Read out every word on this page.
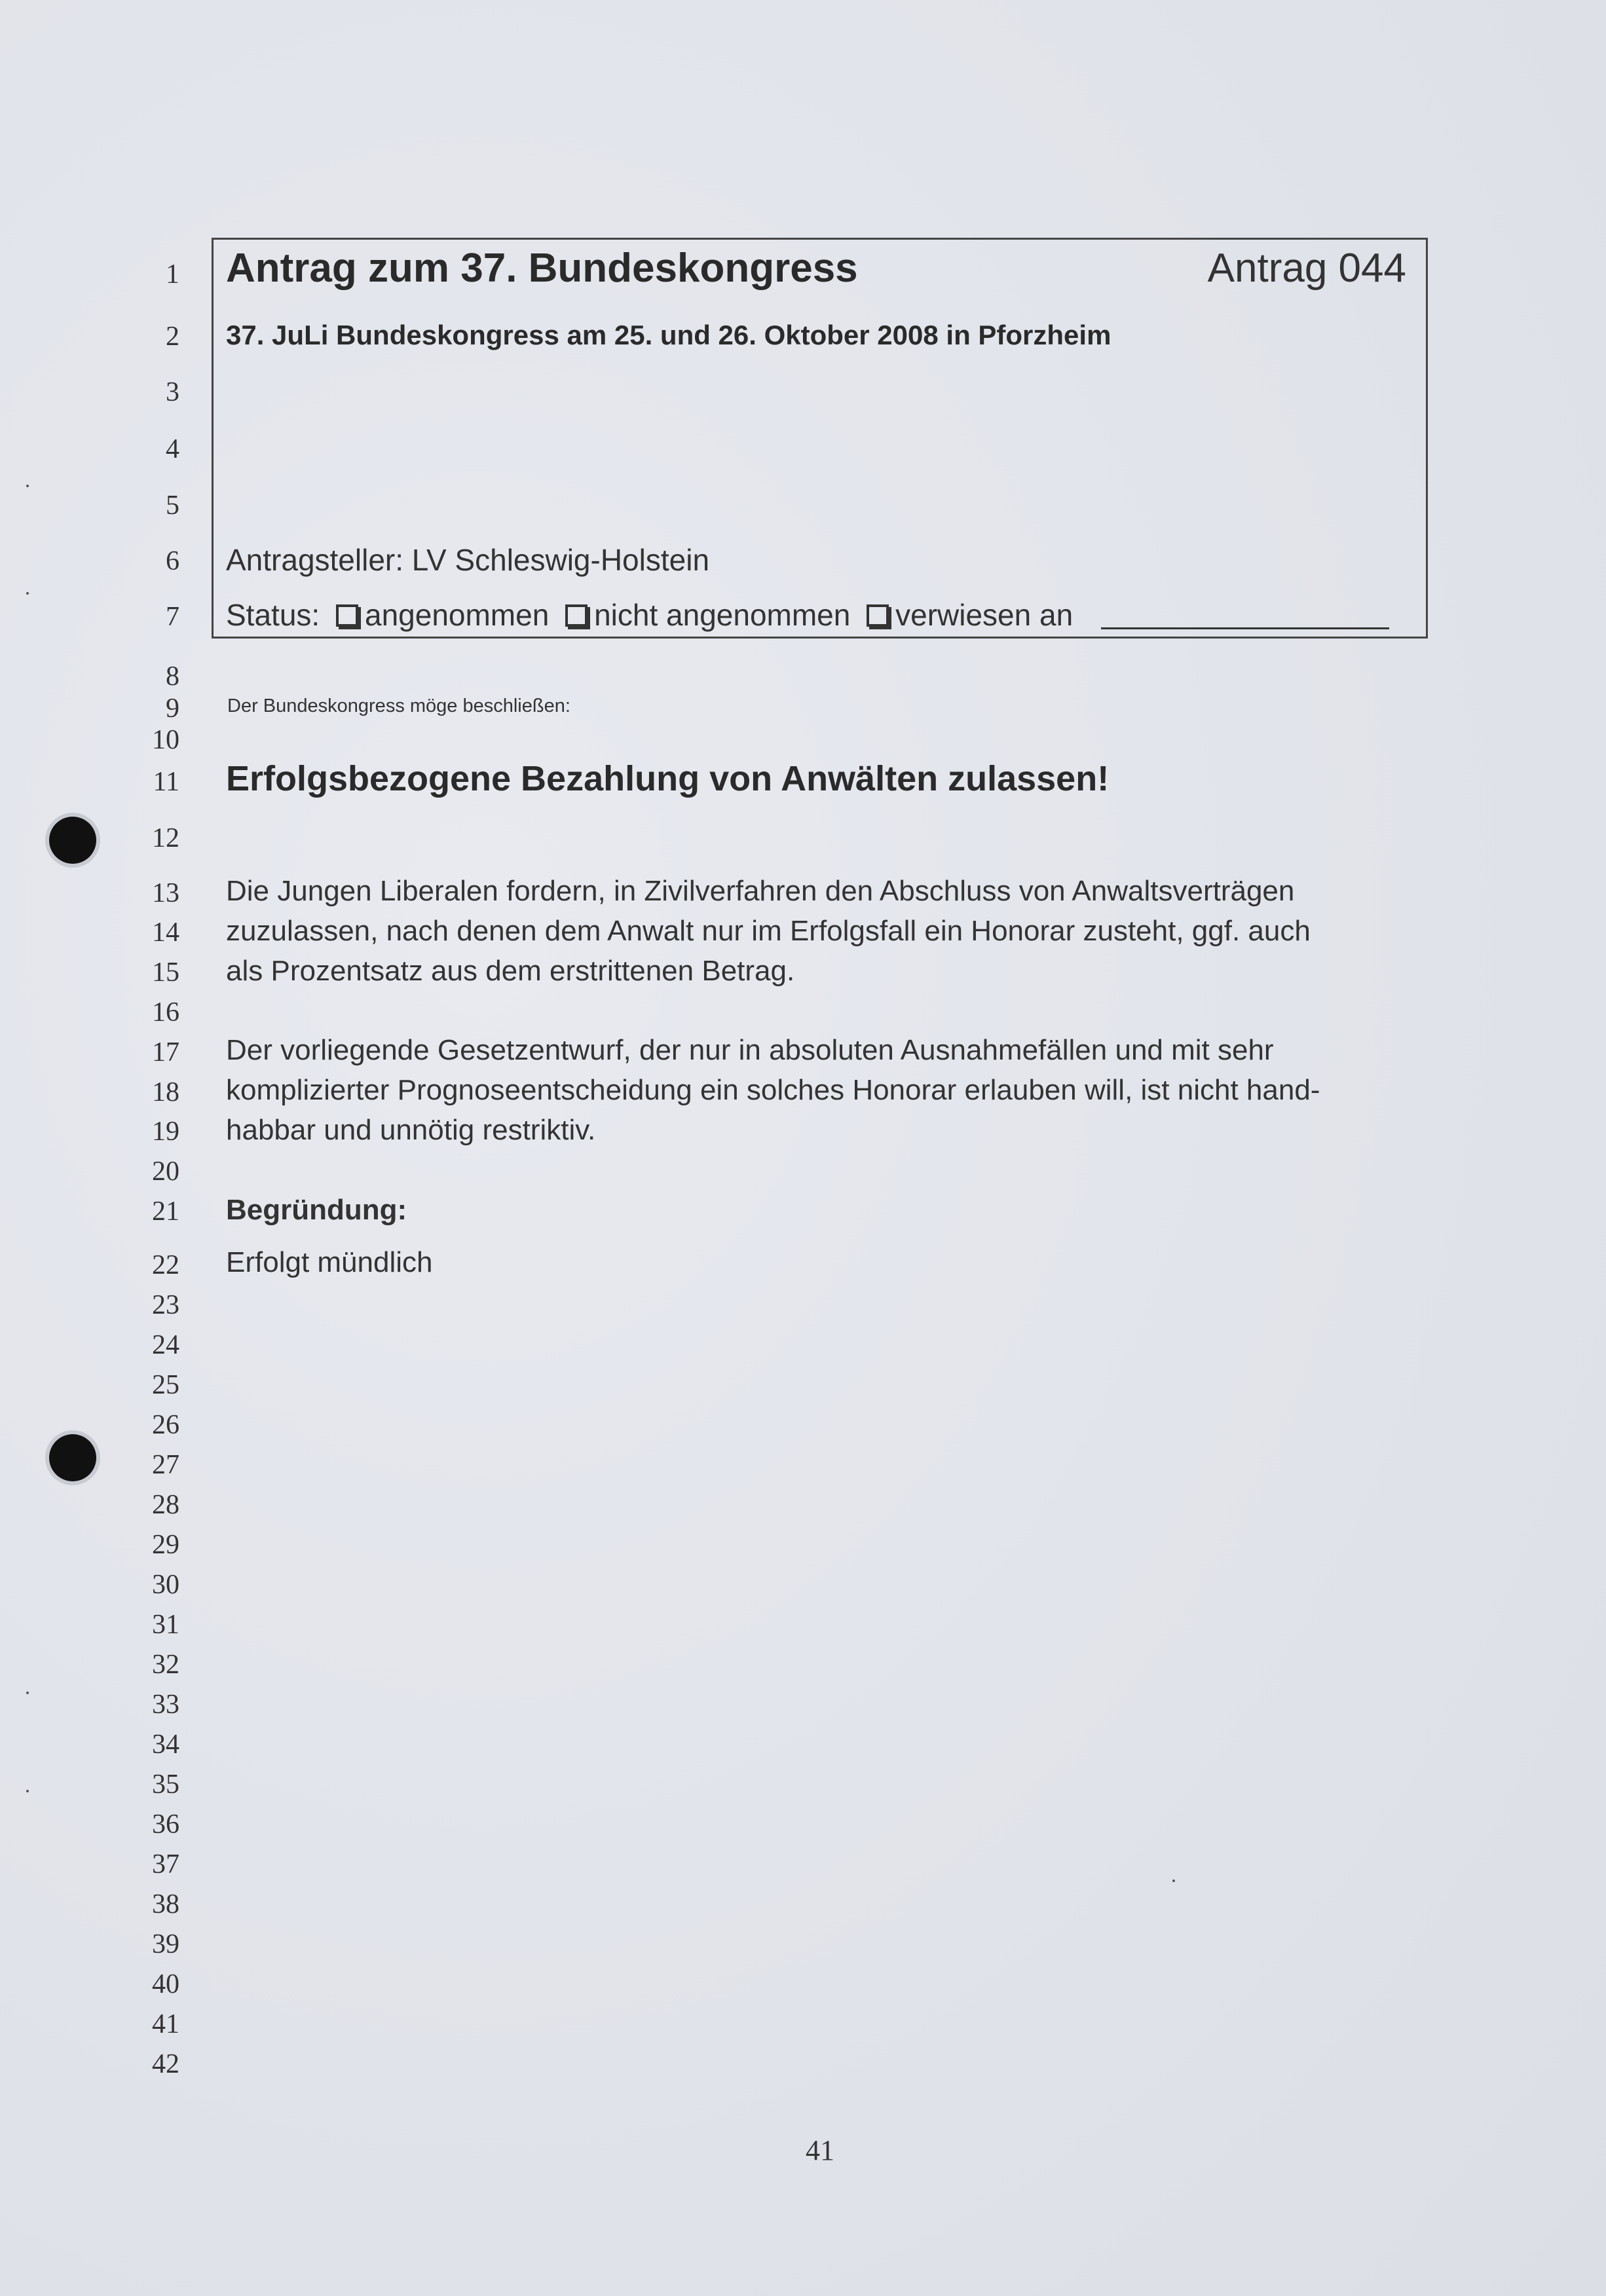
1
2
3
4
5
6
7
8
9
10
11
12
13
14
15
16
17
18
19
20
21
22
23
24
25
26
27
28
29
30
31
32
33
34
35
36
37
38
39
40
41
42
Antrag zum 37. Bundeskongress	Antrag 044
37. JuLi Bundeskongress am 25. und 26. Oktober 2008 in Pforzheim
Antragsteller: LV Schleswig-Holstein
Status: angenommen nicht angenommen verwiesen an
Der Bundeskongress möge beschließen:
Erfolgsbezogene Bezahlung von Anwälten zulassen!
Die Jungen Liberalen fordern, in Zivilverfahren den Abschluss von Anwaltsverträgen
zuzulassen, nach denen dem Anwalt nur im Erfolgsfall ein Honorar zusteht, ggf. auch
als Prozentsatz aus dem erstrittenen Betrag.
Der vorliegende Gesetzentwurf, der nur in absoluten Ausnahmefällen und mit sehr
komplizierter Prognoseentscheidung ein solches Honorar erlauben will, ist nicht hand-
habbar und unnötig restriktiv.
Begründung:
Erfolgt mündlich
41
